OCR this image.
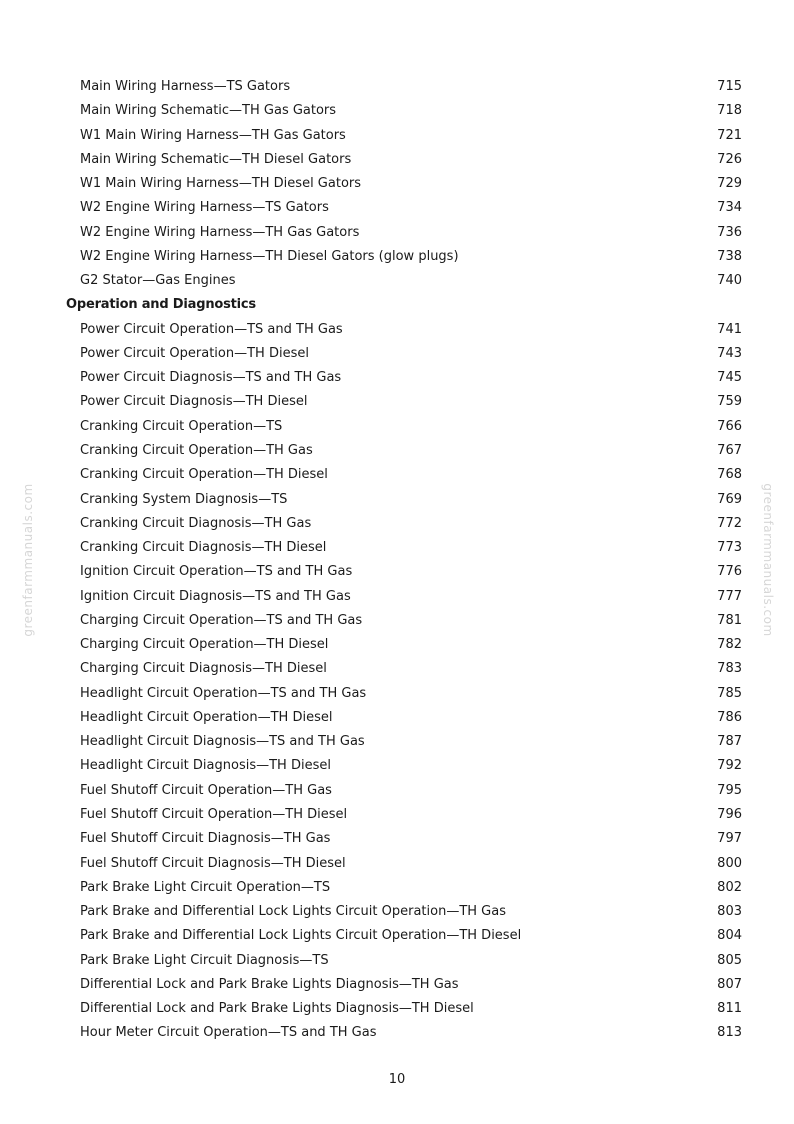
Main Wiring Harness—TS Gators	715
Main Wiring Schematic—TH Gas Gators	718
W1 Main Wiring Harness—TH Gas Gators	721
Main Wiring Schematic—TH Diesel Gators	726
W1 Main Wiring Harness—TH Diesel Gators	729
W2 Engine Wiring Harness—TS Gators	734
W2 Engine Wiring Harness—TH Gas Gators	736
W2 Engine Wiring Harness—TH Diesel Gators (glow plugs)	738
G2 Stator—Gas Engines	740
Operation and Diagnostics
Power Circuit Operation—TS and TH Gas	741
Power Circuit Operation—TH Diesel	743
Power Circuit Diagnosis—TS and TH Gas	745
Power Circuit Diagnosis—TH Diesel	759
Cranking Circuit Operation—TS	766
Cranking Circuit Operation—TH Gas	767
Cranking Circuit Operation—TH Diesel	768
Cranking System Diagnosis—TS	769
Cranking Circuit Diagnosis—TH Gas	772
Cranking Circuit Diagnosis—TH Diesel	773
Ignition Circuit Operation—TS and TH Gas	776
Ignition Circuit Diagnosis—TS and TH Gas	777
Charging Circuit Operation—TS and TH Gas	781
Charging Circuit Operation—TH Diesel	782
Charging Circuit Diagnosis—TH Diesel	783
Headlight Circuit Operation—TS and TH Gas	785
Headlight Circuit Operation—TH Diesel	786
Headlight Circuit Diagnosis—TS and TH Gas	787
Headlight Circuit Diagnosis—TH Diesel	792
Fuel Shutoff Circuit Operation—TH Gas	795
Fuel Shutoff Circuit Operation—TH Diesel	796
Fuel Shutoff Circuit Diagnosis—TH Gas	797
Fuel Shutoff Circuit Diagnosis—TH Diesel	800
Park Brake Light Circuit Operation—TS	802
Park Brake and Differential Lock Lights Circuit Operation—TH Gas	803
Park Brake and Differential Lock Lights Circuit Operation—TH Diesel	804
Park Brake Light Circuit Diagnosis—TS	805
Differential Lock and Park Brake Lights Diagnosis—TH Gas	807
Differential Lock and Park Brake Lights Diagnosis—TH Diesel	811
Hour Meter Circuit Operation—TS and TH Gas	813
greenfarmmanuals.com	greenfarmmanuals.com
10
